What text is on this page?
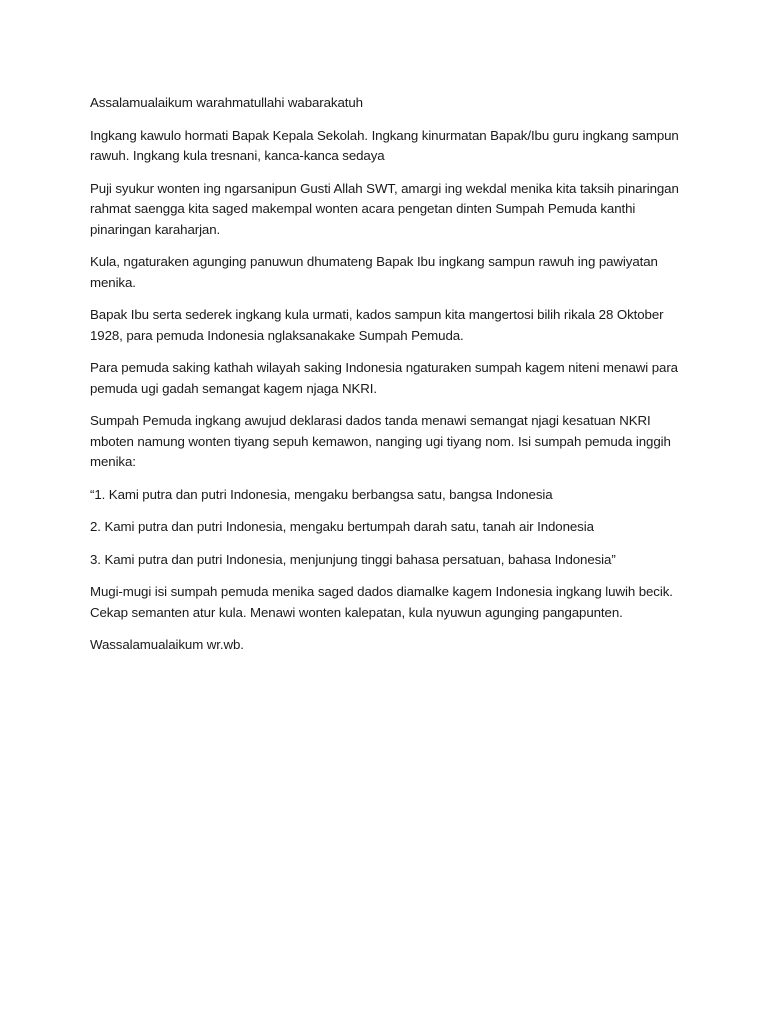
Assalamualaikum warahmatullahi wabarakatuh

Ingkang kawulo hormati Bapak Kepala Sekolah. Ingkang kinurmatan Bapak/Ibu guru ingkang sampun rawuh. Ingkang kula tresnani, kanca-kanca sedaya

Puji syukur wonten ing ngarsanipun Gusti Allah SWT, amargi ing wekdal menika kita taksih pinaringan rahmat saengga kita saged makempal wonten acara pengetan dinten Sumpah Pemuda kanthi pinaringan karaharjan.

Kula, ngaturaken agunging panuwun dhumateng Bapak Ibu ingkang sampun rawuh ing pawiyatan menika.

Bapak Ibu serta sederek ingkang kula urmati, kados sampun kita mangertosi bilih rikala 28 Oktober 1928, para pemuda Indonesia nglaksanakake Sumpah Pemuda.

Para pemuda saking kathah wilayah saking Indonesia ngaturaken sumpah kagem niteni menawi para pemuda ugi gadah semangat kagem njaga NKRI.

Sumpah Pemuda ingkang awujud deklarasi dados tanda menawi semangat njagi kesatuan NKRI mboten namung wonten tiyang sepuh kemawon, nanging ugi tiyang nom. Isi sumpah pemuda inggih menika:

“1. Kami putra dan putri Indonesia, mengaku berbangsa satu, bangsa Indonesia

2. Kami putra dan putri Indonesia, mengaku bertumpah darah satu, tanah air Indonesia

3. Kami putra dan putri Indonesia, menjunjung tinggi bahasa persatuan, bahasa Indonesia”

Mugi-mugi isi sumpah pemuda menika saged dados diamalke kagem Indonesia ingkang luwih becik. Cekap semanten atur kula. Menawi wonten kalepatan, kula nyuwun agunging pangapunten.

Wassalamualaikum wr.wb.
